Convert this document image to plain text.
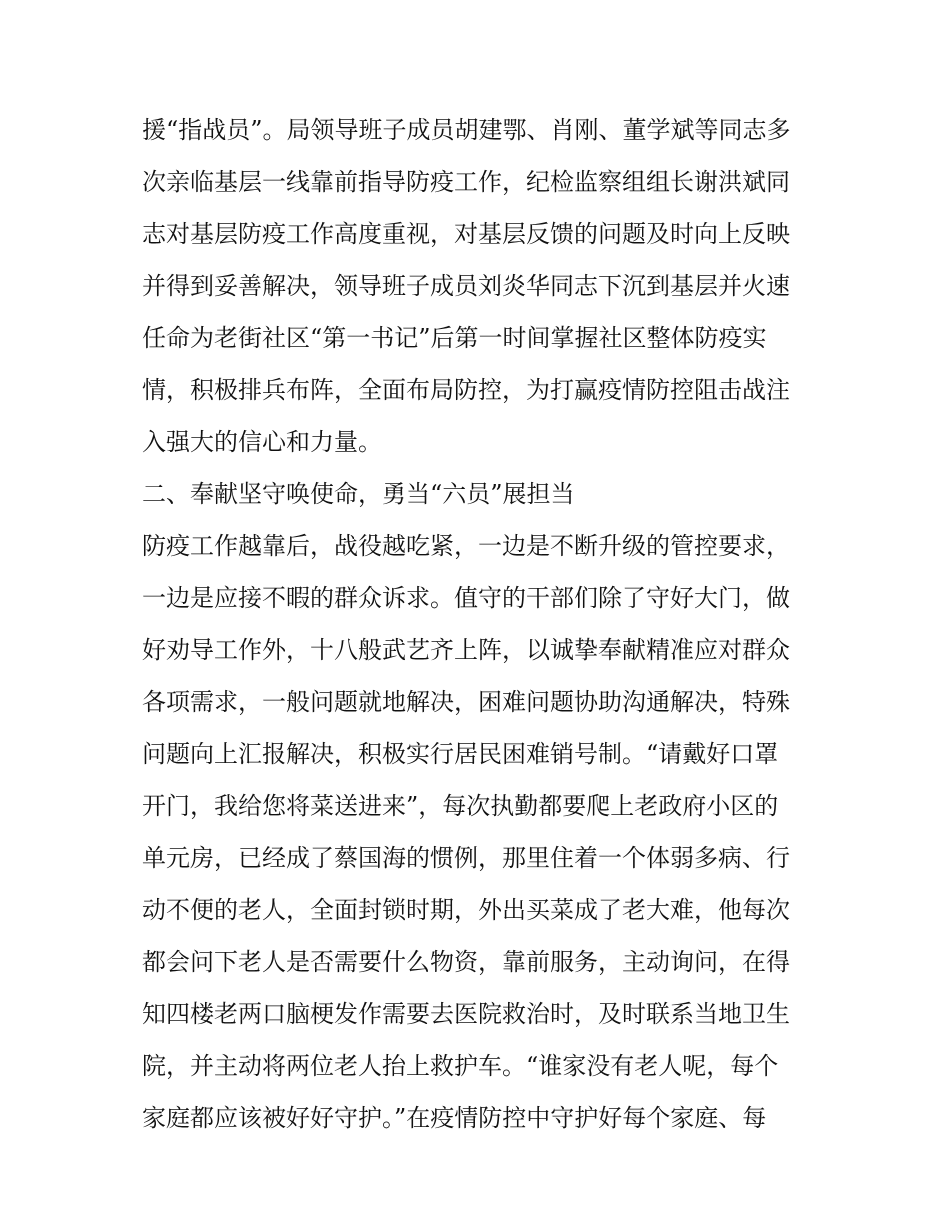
援“指战员”。局领导班子成员胡建鄂、肖刚、董学斌等同志多
次亲临基层一线靠前指导防疫工作，纪检监察组组长谢洪斌同
志对基层防疫工作高度重视，对基层反馈的问题及时向上反映
并得到妥善解决，领导班子成员刘炎华同志下沉到基层并火速
任命为老街社区“第一书记”后第一时间掌握社区整体防疫实
情，积极排兵布阵，全面布局防控，为打赢疫情防控阻击战注
入强大的信心和力量。
二、奉献坚守唤使命，勇当“六员”展担当
防疫工作越靠后，战役越吃紧，一边是不断升级的管控要求，
一边是应接不暇的群众诉求。值守的干部们除了守好大门，做
好劝导工作外，十八般武艺齐上阵，以诚挚奉献精准应对群众
各项需求，一般问题就地解决，困难问题协助沟通解决，特殊
问题向上汇报解决，积极实行居民困难销号制。“请戴好口罩
开门，我给您将菜送进来”，每次执勤都要爬上老政府小区的
单元房，已经成了蔡国海的惯例，那里住着一个体弱多病、行
动不便的老人，全面封锁时期，外出买菜成了老大难，他每次
都会问下老人是否需要什么物资，靠前服务，主动询问，在得
知四楼老两口脑梗发作需要去医院救治时，及时联系当地卫生
院，并主动将两位老人抬上救护车。“谁家没有老人呢，每个
家庭都应该被好好守护。”在疫情防控中守护好每个家庭、每
